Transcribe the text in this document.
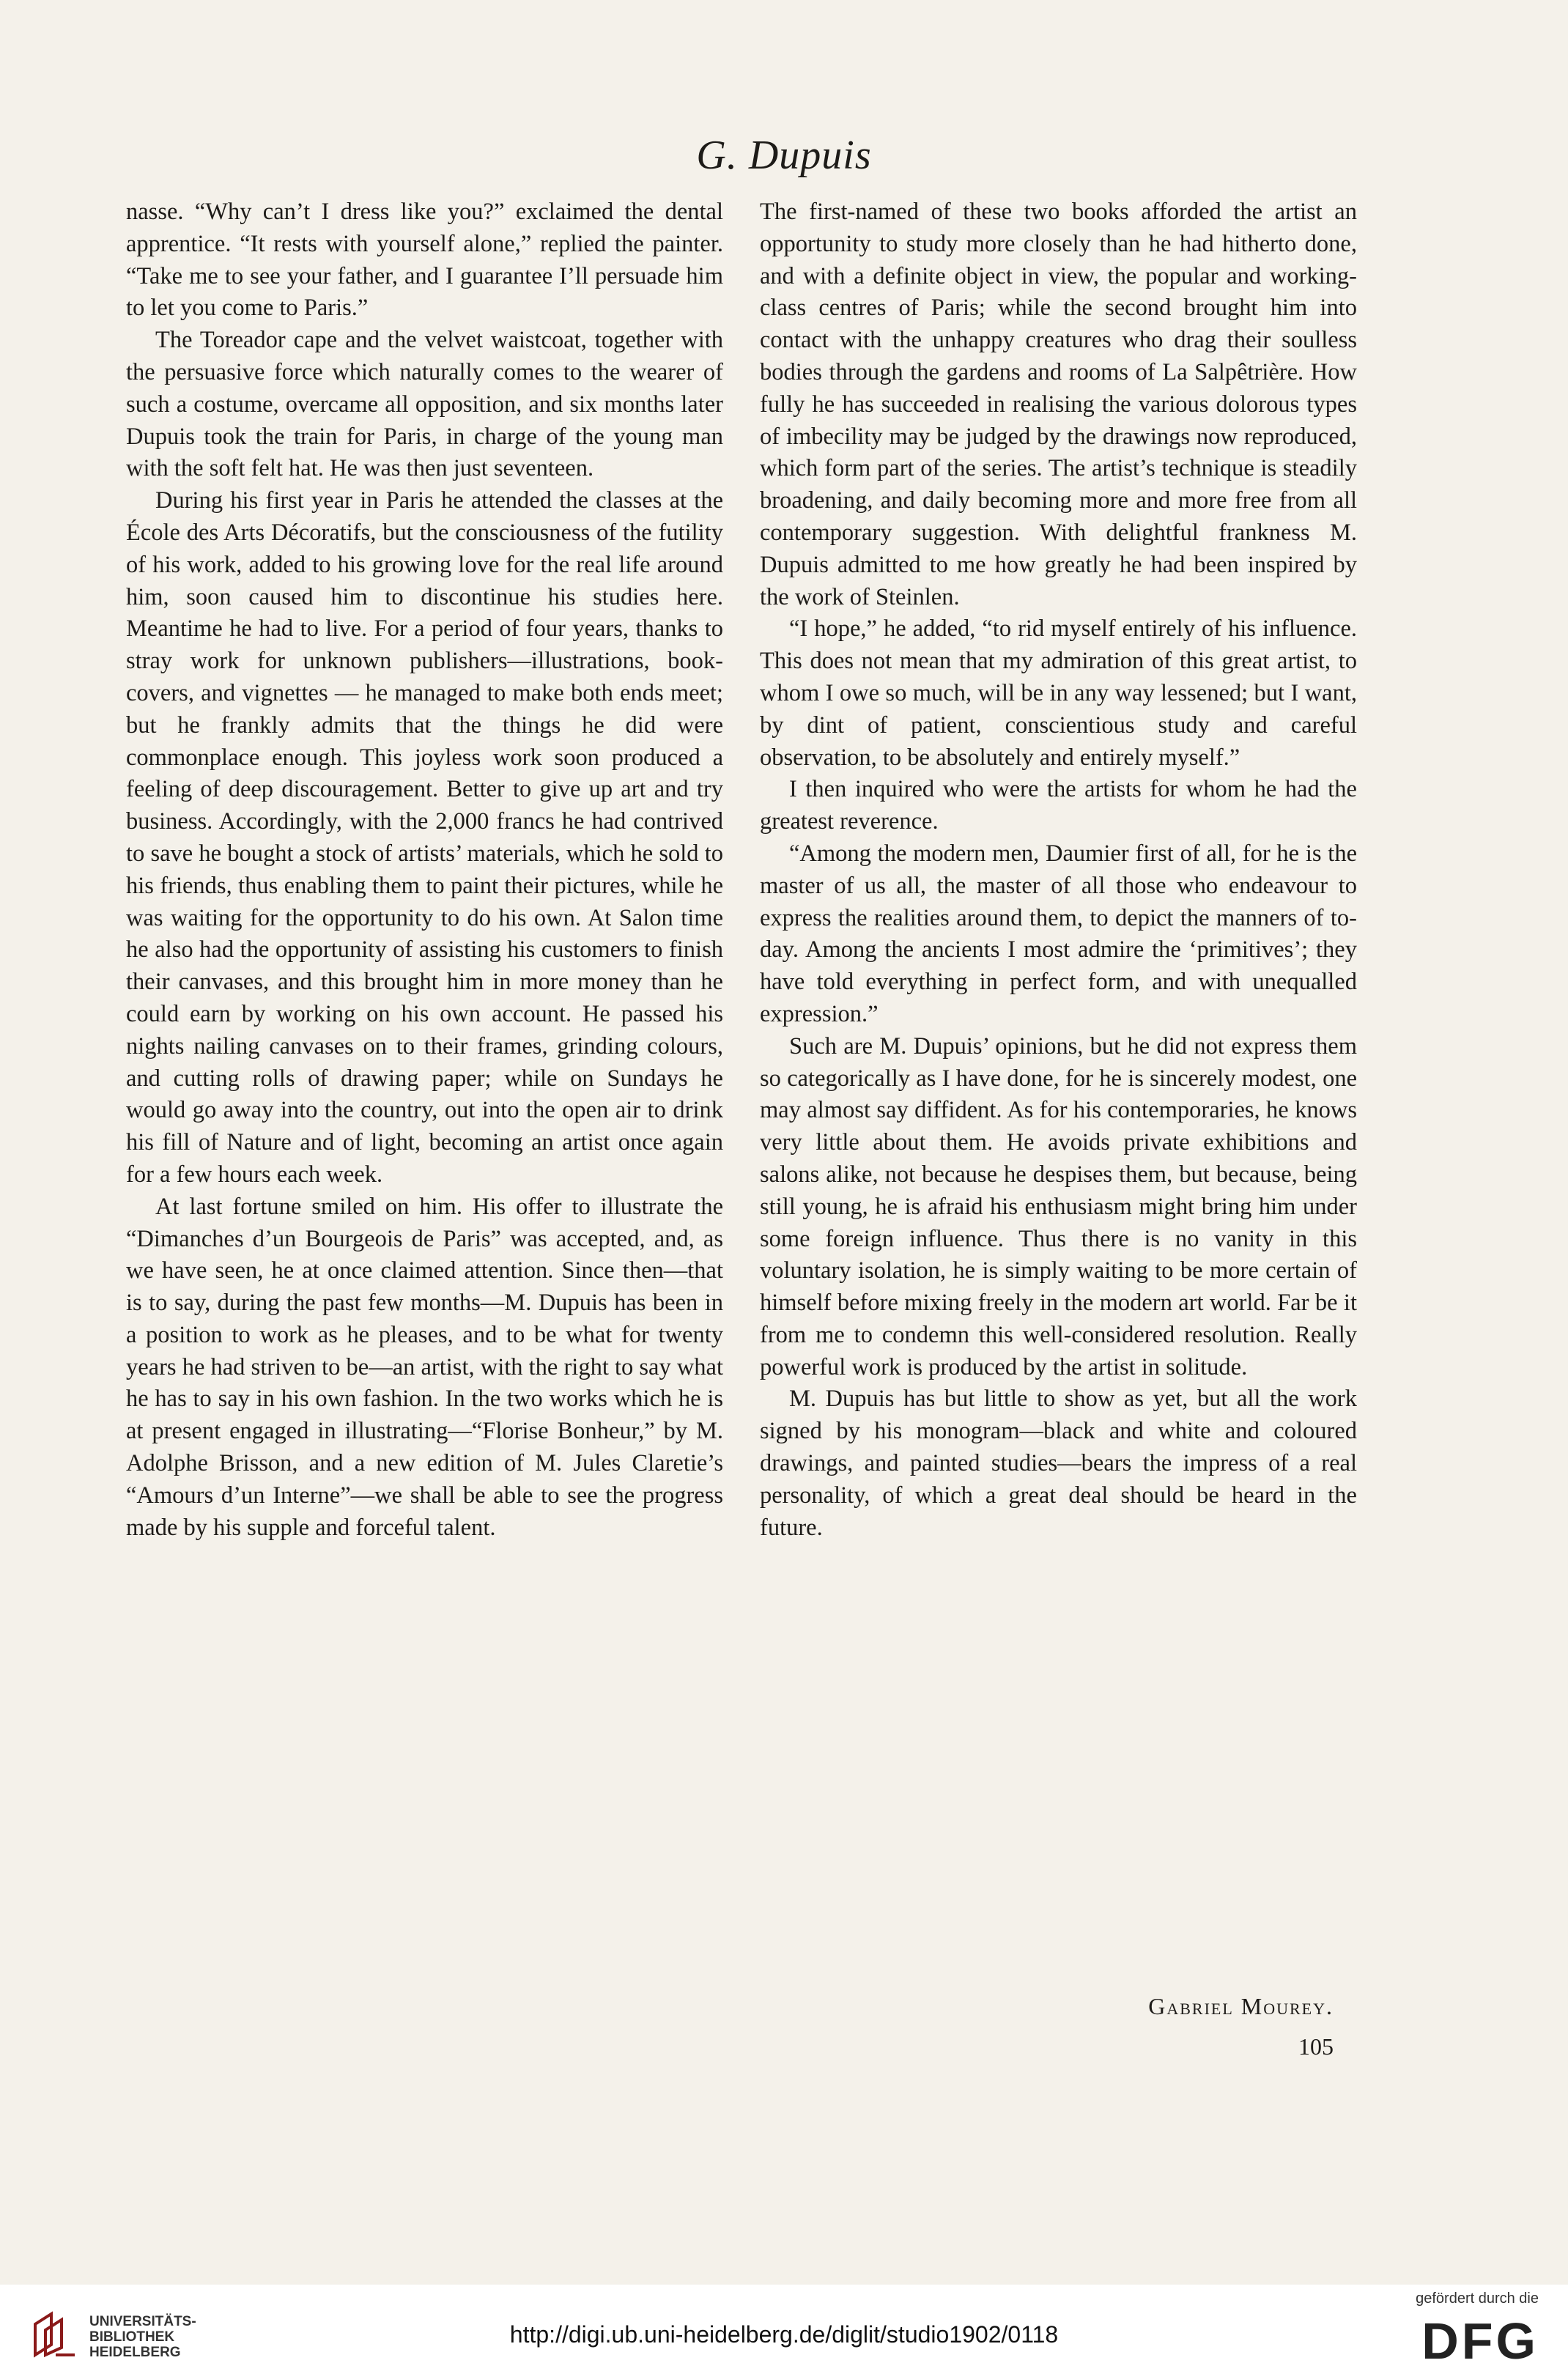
G. Dupuis

nasse. “Why can’t I dress like you?” exclaimed the dental apprentice. “It rests with yourself alone,” replied the painter. “Take me to see your father, and I guarantee I’ll persuade him to let you come to Paris.”

The Toreador cape and the velvet waistcoat, together with the persuasive force which naturally comes to the wearer of such a costume, overcame all opposition, and six months later Dupuis took the train for Paris, in charge of the young man with the soft felt hat. He was then just seventeen.

During his first year in Paris he attended the classes at the École des Arts Décoratifs, but the consciousness of the futility of his work, added to his growing love for the real life around him, soon caused him to discontinue his studies here. Meantime he had to live. For a period of four years, thanks to stray work for unknown publishers—illustrations, book-covers, and vignettes — he managed to make both ends meet; but he frankly admits that the things he did were commonplace enough. This joyless work soon produced a feeling of deep discouragement. Better to give up art and try business. Accordingly, with the 2,000 francs he had contrived to save he bought a stock of artists’ materials, which he sold to his friends, thus enabling them to paint their pictures, while he was waiting for the opportunity to do his own. At Salon time he also had the opportunity of assisting his customers to finish their canvases, and this brought him in more money than he could earn by working on his own account. He passed his nights nailing canvases on to their frames, grinding colours, and cutting rolls of drawing paper; while on Sundays he would go away into the country, out into the open air to drink his fill of Nature and of light, becoming an artist once again for a few hours each week.

At last fortune smiled on him. His offer to illustrate the “Dimanches d’un Bourgeois de Paris” was accepted, and, as we have seen, he at once claimed attention. Since then—that is to say, during the past few months—M. Dupuis has been in a position to work as he pleases, and to be what for twenty years he had striven to be—an artist, with the right to say what he has to say in his own fashion. In the two works which he is at present engaged in illustrating—“Florise Bonheur,” by M. Adolphe Brisson, and a new edition of M. Jules Claretie’s “Amours d’un Interne”—we shall be able to see the progress made by his supple and forceful talent.

The first-named of these two books afforded the artist an opportunity to study more closely than he had hitherto done, and with a definite object in view, the popular and working-class centres of Paris; while the second brought him into contact with the unhappy creatures who drag their soulless bodies through the gardens and rooms of La Salpêtrière. How fully he has succeeded in realising the various dolorous types of imbecility may be judged by the drawings now reproduced, which form part of the series. The artist’s technique is steadily broadening, and daily becoming more and more free from all contemporary suggestion. With delightful frankness M. Dupuis admitted to me how greatly he had been inspired by the work of Steinlen.

“I hope,” he added, “to rid myself entirely of his influence. This does not mean that my admiration of this great artist, to whom I owe so much, will be in any way lessened; but I want, by dint of patient, conscientious study and careful observation, to be absolutely and entirely myself.”

I then inquired who were the artists for whom he had the greatest reverence.

“Among the modern men, Daumier first of all, for he is the master of us all, the master of all those who endeavour to express the realities around them, to depict the manners of to-day. Among the ancients I most admire the ‘primitives’; they have told everything in perfect form, and with unequalled expression.”

Such are M. Dupuis’ opinions, but he did not express them so categorically as I have done, for he is sincerely modest, one may almost say diffident. As for his contemporaries, he knows very little about them. He avoids private exhibitions and salons alike, not because he despises them, but because, being still young, he is afraid his enthusiasm might bring him under some foreign influence. Thus there is no vanity in this voluntary isolation, he is simply waiting to be more certain of himself before mixing freely in the modern art world. Far be it from me to condemn this well-considered resolution. Really powerful work is produced by the artist in solitude.

M. Dupuis has but little to show as yet, but all the work signed by his monogram—black and white and coloured drawings, and painted studies—bears the impress of a real personality, of which a great deal should be heard in the future.

Gabriel Mourey.
105
UNIVERSITÄTS-
BIBLIOTHEK
HEIDELBERG
http://digi.ub.uni-heidelberg.de/diglit/studio1902/0118
gefördert durch die
DFG
